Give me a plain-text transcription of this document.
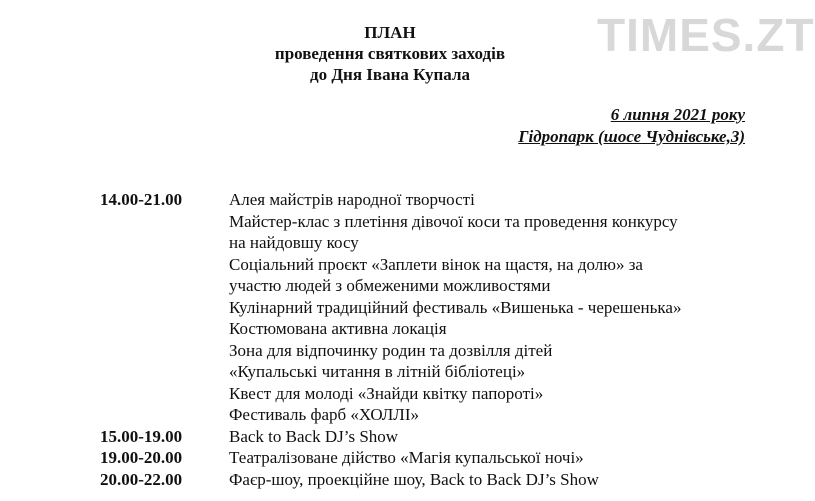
TIMES.ZT
ПЛАН
проведення святкових заходів
до Дня Івана Купала
6 липня 2021 року
Гідропарк (шосе Чуднівське,3)
14.00-21.00	Алея майстрів народної творчості
Майстер-клас з плетіння дівочої коси та проведення конкурсу
на найдовшу косу
Соціальний проєкт «Заплети вінок на щастя, на долю» за
участю людей з обмеженими можливостями
Кулінарний традиційний фестиваль «Вишенька - черешенька»
Костюмована активна локація
Зона для відпочинку родин та дозвілля дітей
«Купальські читання в літній бібліотеці»
Квест для молоді «Знайди квітку папороті»
Фестиваль фарб «ХОЛЛІ»
15.00-19.00	Back to Back DJ’s Show
19.00-20.00	Театралізоване дійство «Магія купальської ночі»
20.00-22.00	Фаєр-шоу, проекційне шоу, Back to Back DJ’s Show
